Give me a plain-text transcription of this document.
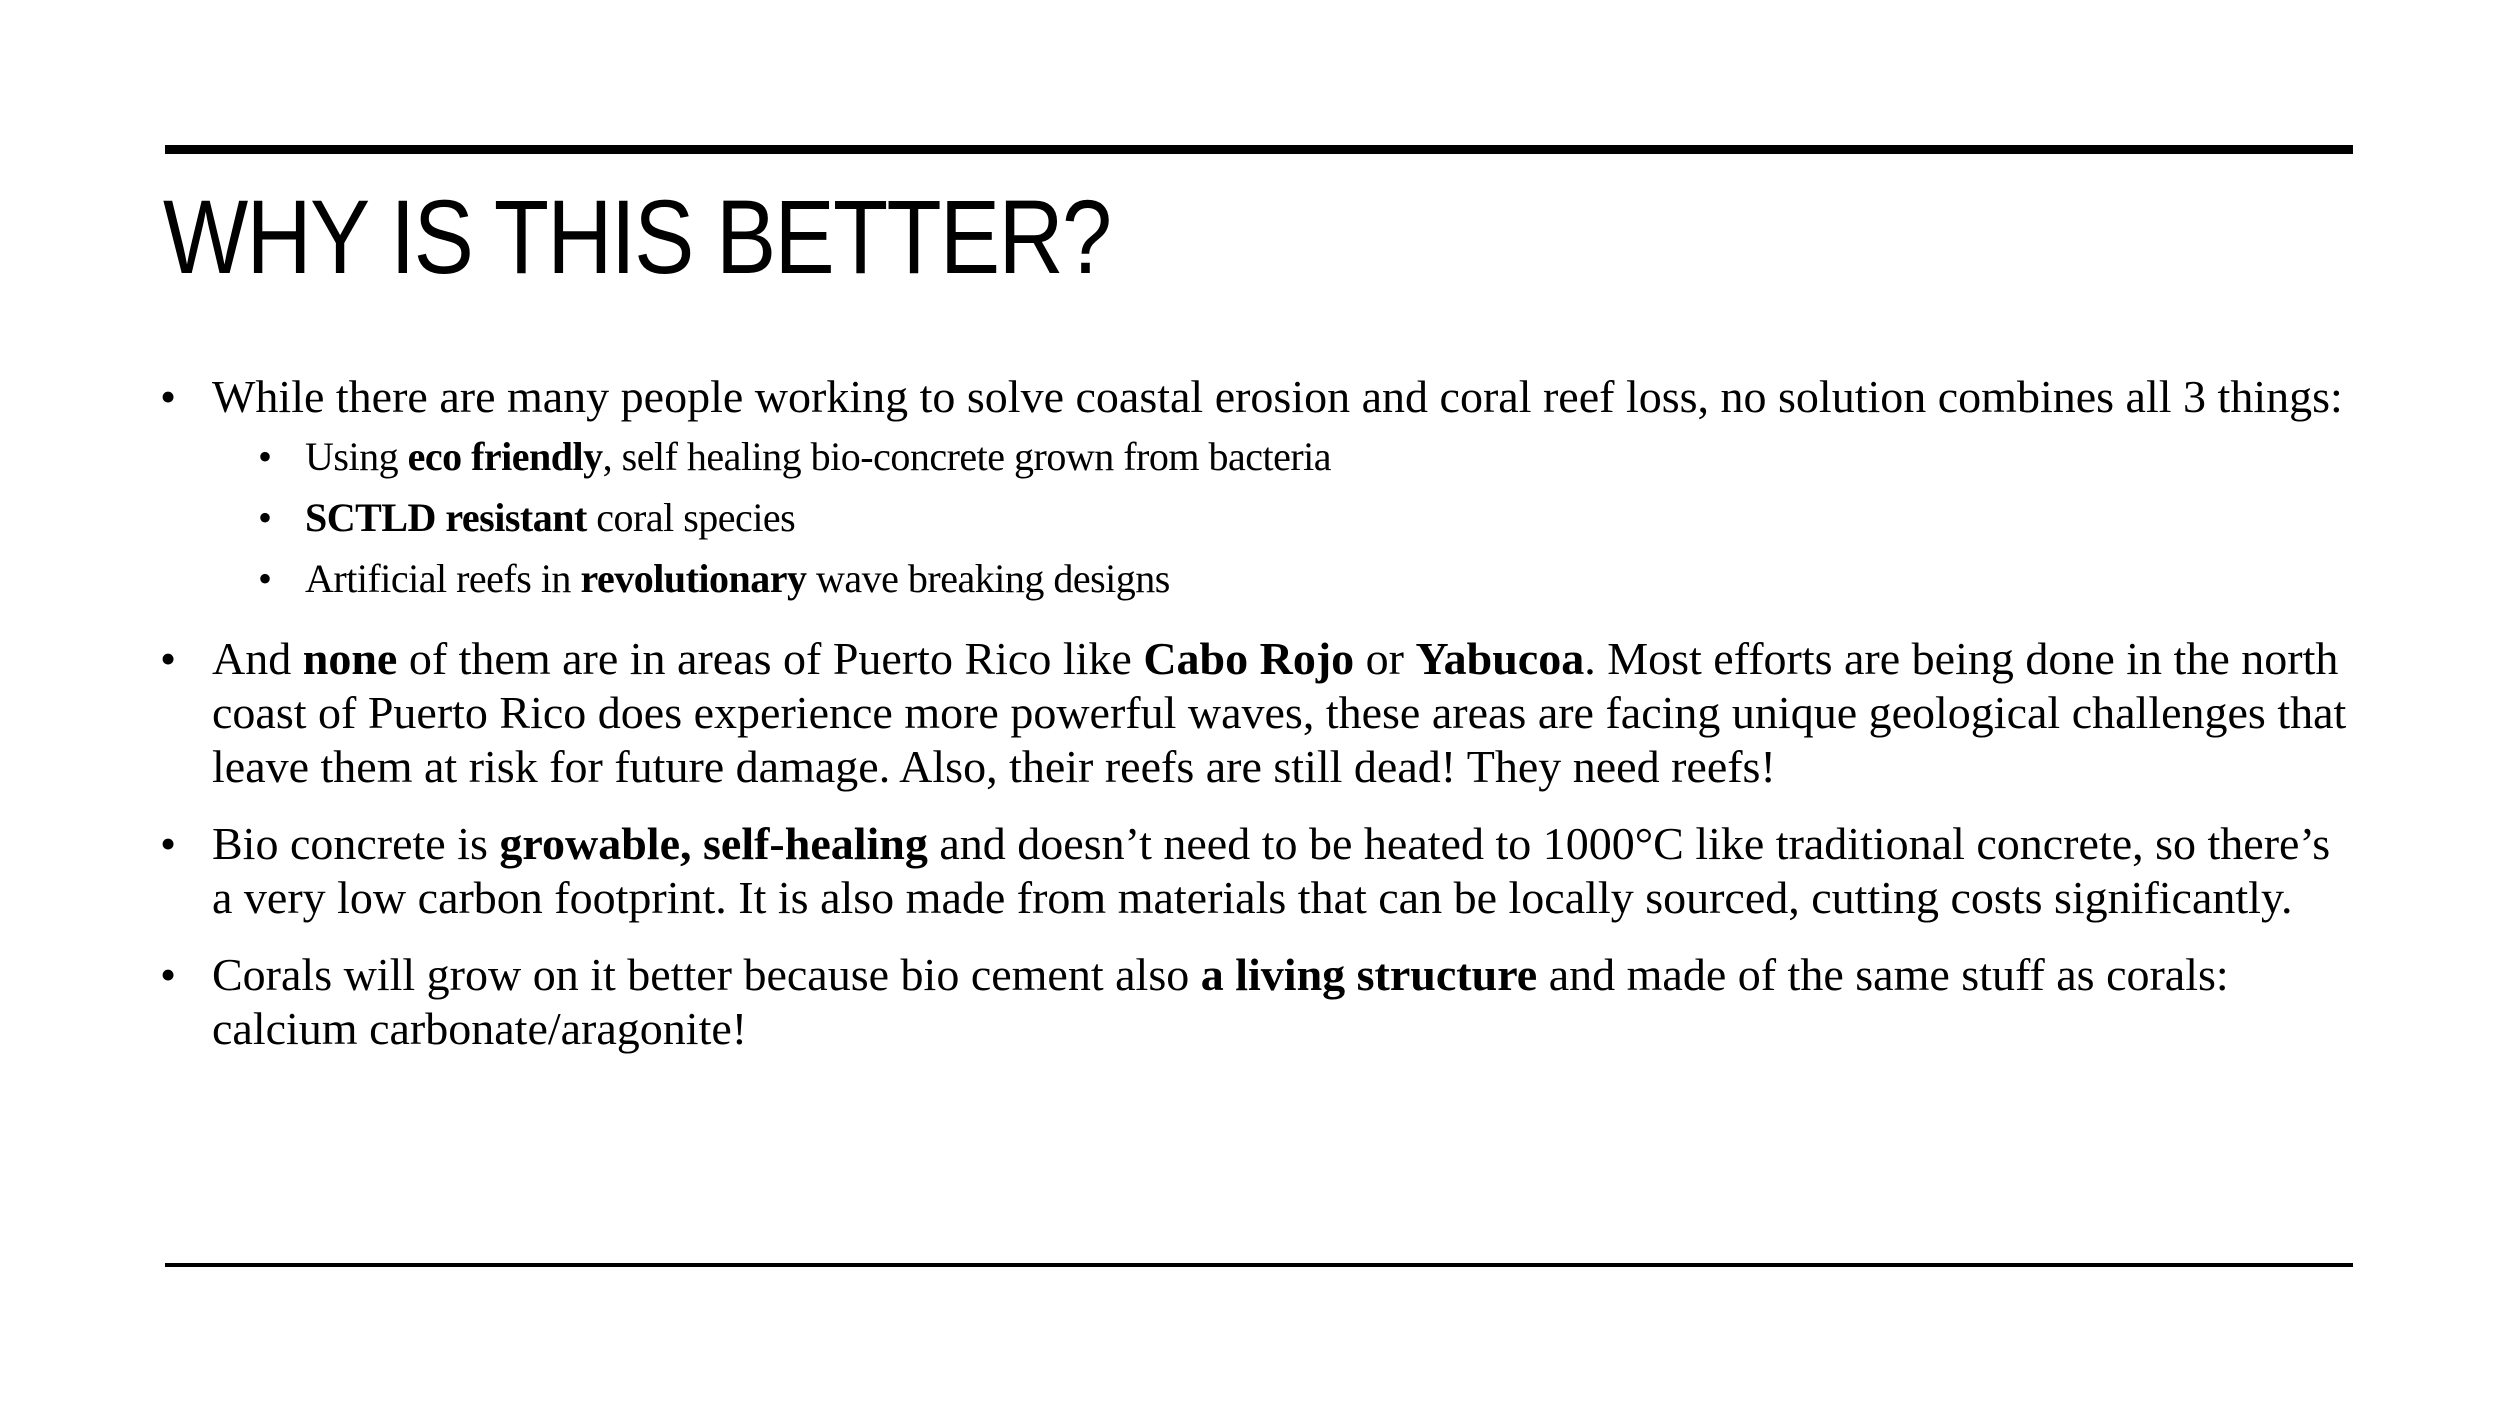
WHY IS THIS BETTER?
• While there are many people working to solve coastal erosion and coral reef loss, no solution combines all 3 things:
• Using eco friendly, self healing bio-concrete grown from bacteria
• SCTLD resistant coral species
• Artificial reefs in revolutionary wave breaking designs
• And none of them are in areas of Puerto Rico like Cabo Rojo or Yabucoa. Most efforts are being done in the north coast of Puerto Rico does experience more powerful waves, these areas are facing unique geological challenges that leave them at risk for future damage. Also, their reefs are still dead! They need reefs!
• Bio concrete is growable, self-healing and doesn’t need to be heated to 1000°C like traditional concrete, so there’s a very low carbon footprint. It is also made from materials that can be locally sourced, cutting costs significantly.
• Corals will grow on it better because bio cement also a living structure and made of the same stuff as corals: calcium carbonate/aragonite!
